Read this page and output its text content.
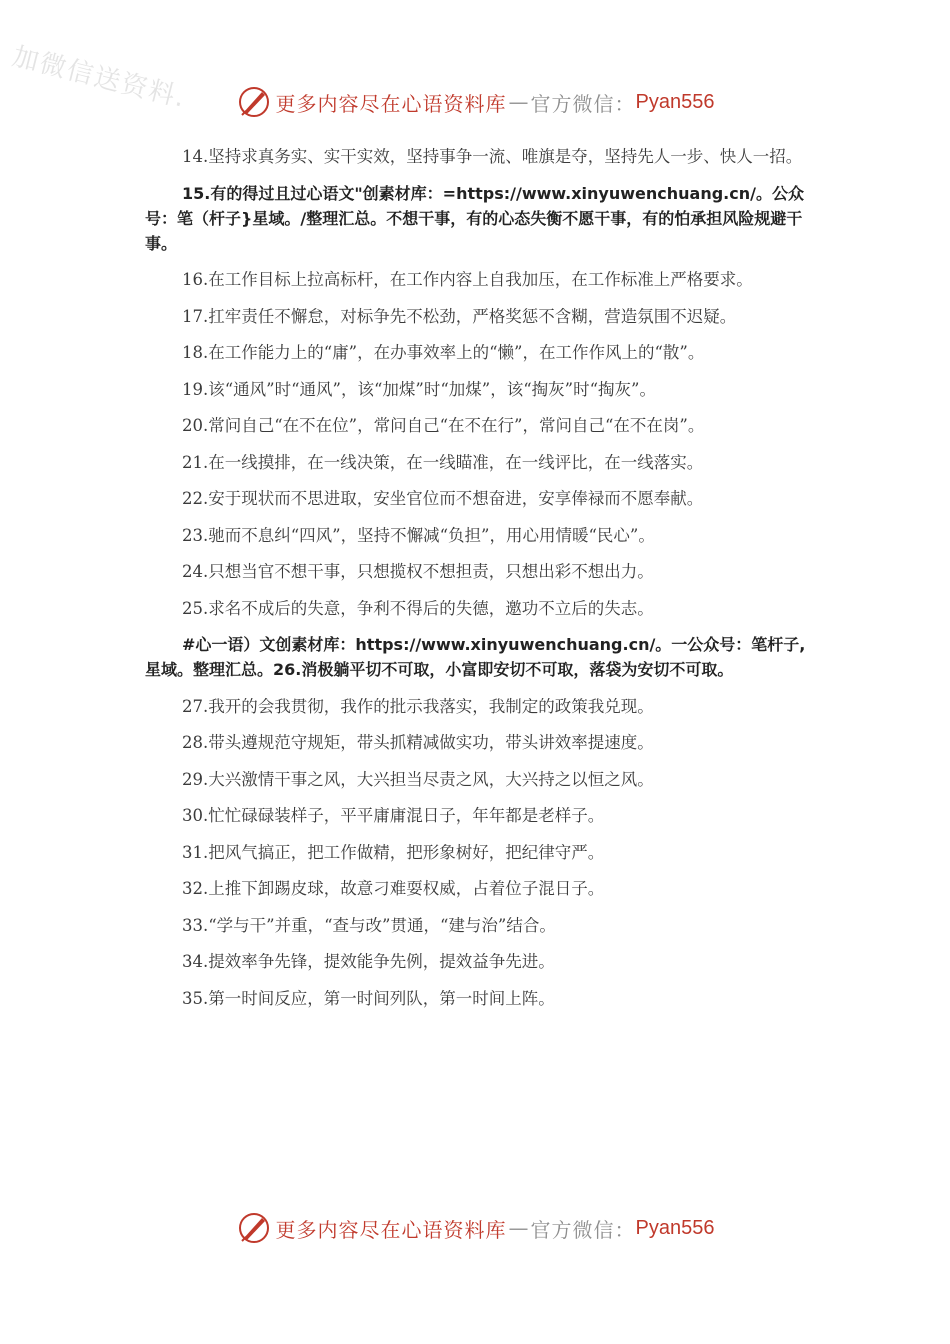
加微信送资料.	更多内容尽在心语资料库 — 官方微信： Pyan556

14.坚持求真务实、实干实效，坚持事争一流、唯旗是夺，坚持先人一步、快人一招。

15.有的得过且过心语文"创素材库：=https://www.xinyuwenchuang.cn/。公众号：笔（杆子}星域。/整理汇总。不想干事，有的心态失衡不愿干事，有的怕承担风险规避干事。

16.在工作目标上拉高标杆，在工作内容上自我加压，在工作标准上严格要求。

17.扛牢责任不懈怠，对标争先不松劲，严格奖惩不含糊，营造氛围不迟疑。

18.在工作能力上的“庸”，在办事效率上的“懒”，在工作作风上的“散”。

19.该“通风”时“通风”，该“加煤”时“加煤”，该“掏灰”时“掏灰”。

20.常问自己“在不在位”，常问自己“在不在行”，常问自己“在不在岗”。

21.在一线摸排，在一线决策，在一线瞄准，在一线评比，在一线落实。

22.安于现状而不思进取，安坐官位而不想奋进，安享俸禄而不愿奉献。

23.驰而不息纠“四风”，坚持不懈减“负担”，用心用情暖“民心”。

24.只想当官不想干事，只想揽权不想担责，只想出彩不想出力。

25.求名不成后的失意，争利不得后的失德，邀功不立后的失志。

#心一语）文创素材库：https://www.xinyuwenchuang.cn/。一公众号：笔杆子,星域。整理汇总。26.消极躺平切不可取，小富即安切不可取，落袋为安切不可取。

27.我开的会我贯彻，我作的批示我落实，我制定的政策我兑现。

28.带头遵规范守规矩，带头抓精减做实功，带头讲效率提速度。

29.大兴激情干事之风，大兴担当尽责之风，大兴持之以恒之风。

30.忙忙碌碌装样子，平平庸庸混日子，年年都是老样子。

31.把风气搞正，把工作做精，把形象树好，把纪律守严。

32.上推下卸踢皮球，故意刁难耍权威，占着位子混日子。

33.“学与干”并重，“查与改”贯通，“建与治”结合。

34.提效率争先锋，提效能争先例，提效益争先进。

35.第一时间反应，第一时间列队，第一时间上阵。

更多内容尽在心语资料库 — 官方微信： Pyan556
